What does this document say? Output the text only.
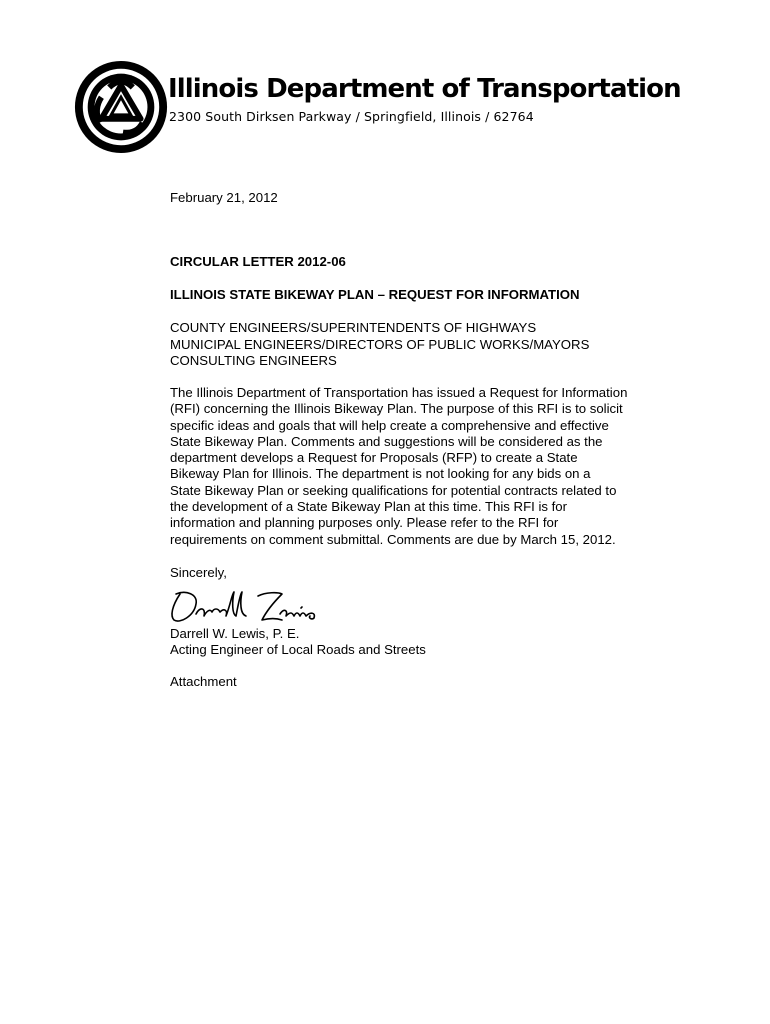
Illinois Department of Transportation
2300 South Dirksen Parkway / Springfield, Illinois / 62764
February 21, 2012
CIRCULAR LETTER 2012-06
ILLINOIS STATE BIKEWAY PLAN – REQUEST FOR INFORMATION
COUNTY ENGINEERS/SUPERINTENDENTS OF HIGHWAYS
MUNICIPAL ENGINEERS/DIRECTORS OF PUBLIC WORKS/MAYORS
CONSULTING ENGINEERS
The Illinois Department of Transportation has issued a Request for Information
(RFI) concerning the Illinois Bikeway Plan. The purpose of this RFI is to solicit
specific ideas and goals that will help create a comprehensive and effective
State Bikeway Plan. Comments and suggestions will be considered as the
department develops a Request for Proposals (RFP) to create a State
Bikeway Plan for Illinois. The department is not looking for any bids on a
State Bikeway Plan or seeking qualifications for potential contracts related to
the development of a State Bikeway Plan at this time. This RFI is for
information and planning purposes only. Please refer to the RFI for
requirements on comment submittal. Comments are due by March 15, 2012.
Sincerely,
Darrell W. Lewis, P. E.
Acting Engineer of Local Roads and Streets
Attachment
